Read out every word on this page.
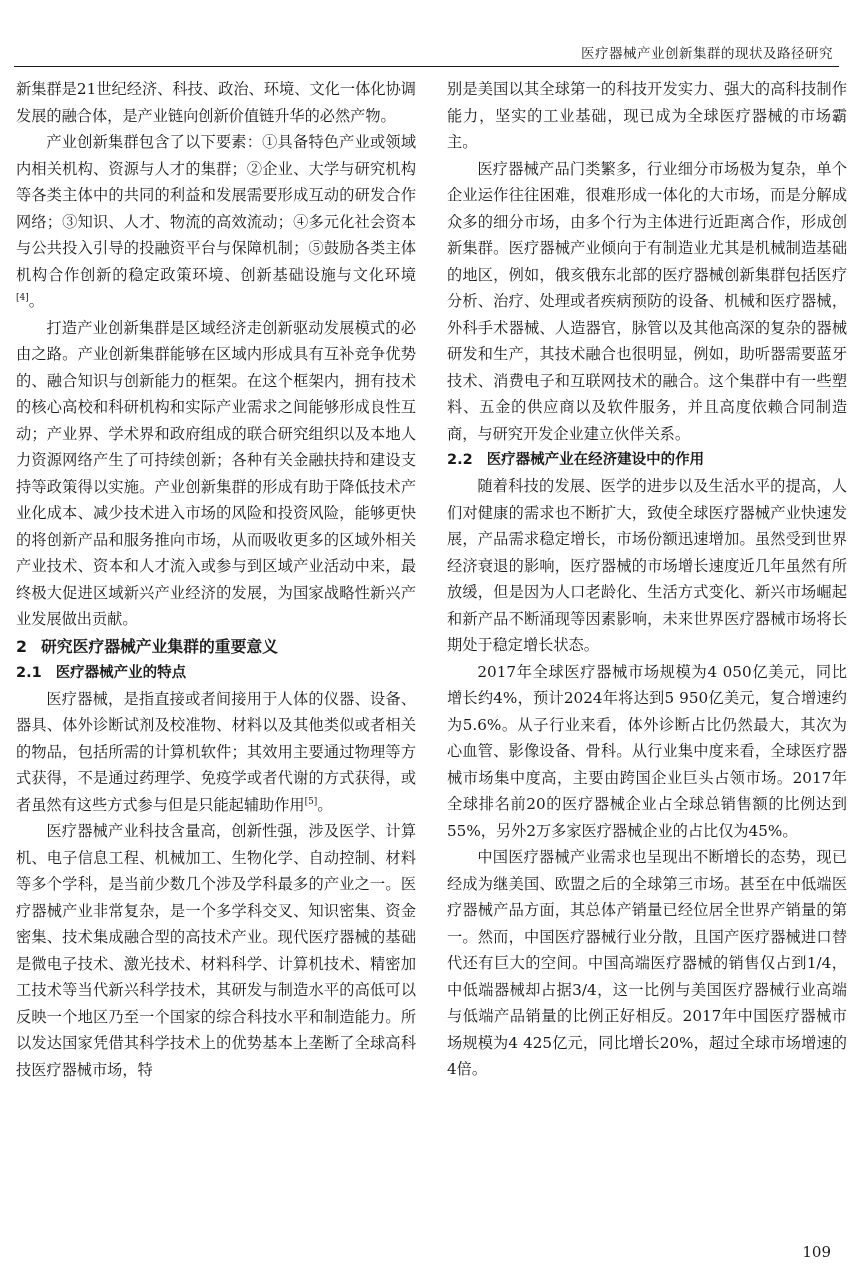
医疗器械产业创新集群的现状及路径研究

新集群是21世纪经济、科技、政治、环境、文化一体化协调发展的融合体，是产业链向创新价值链升华的必然产物。

产业创新集群包含了以下要素：①具备特色产业或领域内相关机构、资源与人才的集群；②企业、大学与研究机构等各类主体中的共同的利益和发展需要形成互动的研发合作网络；③知识、人才、物流的高效流动；④多元化社会资本与公共投入引导的投融资平台与保障机制；⑤鼓励各类主体机构合作创新的稳定政策环境、创新基础设施与文化环境[4]。

打造产业创新集群是区域经济走创新驱动发展模式的必由之路。产业创新集群能够在区域内形成具有互补竞争优势的、融合知识与创新能力的框架。在这个框架内，拥有技术的核心高校和科研机构和实际产业需求之间能够形成良性互动；产业界、学术界和政府组成的联合研究组织以及本地人力资源网络产生了可持续创新；各种有关金融扶持和建设支持等政策得以实施。产业创新集群的形成有助于降低技术产业化成本、减少技术进入市场的风险和投资风险，能够更快的将创新产品和服务推向市场，从而吸收更多的区域外相关产业技术、资本和人才流入或参与到区域产业活动中来，最终极大促进区域新兴产业经济的发展，为国家战略性新兴产业发展做出贡献。

2 研究医疗器械产业集群的重要意义
2.1 医疗器械产业的特点

医疗器械，是指直接或者间接用于人体的仪器、设备、器具、体外诊断试剂及校准物、材料以及其他类似或者相关的物品，包括所需的计算机软件；其效用主要通过物理等方式获得，不是通过药理学、免疫学或者代谢的方式获得，或者虽然有这些方式参与但是只能起辅助作用[5]。

医疗器械产业科技含量高，创新性强，涉及医学、计算机、电子信息工程、机械加工、生物化学、自动控制、材料等多个学科，是当前少数几个涉及学科最多的产业之一。医疗器械产业非常复杂，是一个多学科交叉、知识密集、资金密集、技术集成融合型的高技术产业。现代医疗器械的基础是微电子技术、激光技术、材料科学、计算机技术、精密加工技术等当代新兴科学技术，其研发与制造水平的高低可以反映一个地区乃至一个国家的综合科技水平和制造能力。所以发达国家凭借其科学技术上的优势基本上垄断了全球高科技医疗器械市场，特

别是美国以其全球第一的科技开发实力、强大的高科技制作能力，坚实的工业基础，现已成为全球医疗器械的市场霸主。

医疗器械产品门类繁多，行业细分市场极为复杂，单个企业运作往往困难，很难形成一体化的大市场，而是分解成众多的细分市场，由多个行为主体进行近距离合作，形成创新集群。医疗器械产业倾向于有制造业尤其是机械制造基础的地区，例如，俄亥俄东北部的医疗器械创新集群包括医疗分析、治疗、处理或者疾病预防的设备、机械和医疗器械，外科手术器械、人造器官，脉管以及其他高深的复杂的器械研发和生产，其技术融合也很明显，例如，助听器需要蓝牙技术、消费电子和互联网技术的融合。这个集群中有一些塑料、五金的供应商以及软件服务，并且高度依赖合同制造商，与研究开发企业建立伙伴关系。

2.2 医疗器械产业在经济建设中的作用

随着科技的发展、医学的进步以及生活水平的提高，人们对健康的需求也不断扩大，致使全球医疗器械产业快速发展，产品需求稳定增长，市场份额迅速增加。虽然受到世界经济衰退的影响，医疗器械的市场增长速度近几年虽然有所放缓，但是因为人口老龄化、生活方式变化、新兴市场崛起和新产品不断涌现等因素影响，未来世界医疗器械市场将长期处于稳定增长状态。

2017年全球医疗器械市场规模为4 050亿美元，同比增长约4%，预计2024年将达到5 950亿美元，复合增速约为5.6%。从子行业来看，体外诊断占比仍然最大，其次为心血管、影像设备、骨科。从行业集中度来看，全球医疗器械市场集中度高，主要由跨国企业巨头占领市场。2017年全球排名前20的医疗器械企业占全球总销售额的比例达到55%，另外2万多家医疗器械企业的占比仅为45%。

中国医疗器械产业需求也呈现出不断增长的态势，现已经成为继美国、欧盟之后的全球第三市场。甚至在中低端医疗器械产品方面，其总体产销量已经位居全世界产销量的第一。然而，中国医疗器械行业分散，且国产医疗器械进口替代还有巨大的空间。中国高端医疗器械的销售仅占到1/4，中低端器械却占据3/4，这一比例与美国医疗器械行业高端与低端产品销量的比例正好相反。2017年中国医疗器械市场规模为4 425亿元，同比增长20%，超过全球市场增速的4倍。

109
